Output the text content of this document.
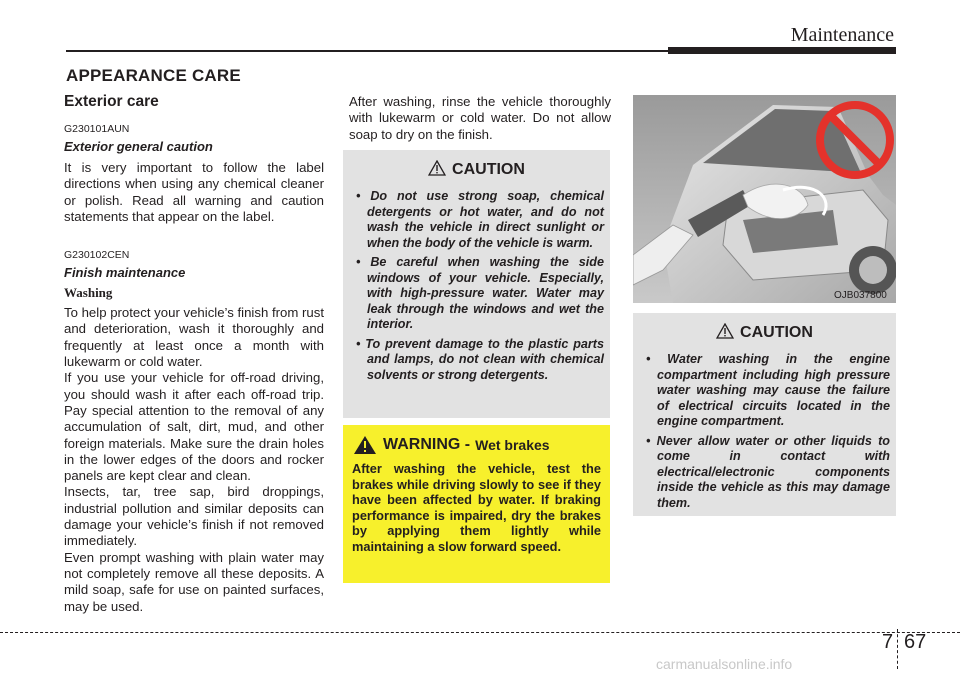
Maintenance
APPEARANCE CARE
Exterior care
G230101AUN
Exterior general caution

It is very important to follow the label directions when using any chemical cleaner or polish. Read all warning and caution statements that appear on the label.

G230102CEN
Finish maintenance
Washing

To help protect your vehicle’s finish from rust and deterioration, wash it thoroughly and frequently at least once a month with lukewarm or cold water.

If you use your vehicle for off-road driving, you should wash it after each off-road trip. Pay special attention to the removal of any accumulation of salt, dirt, mud, and other foreign materials. Make sure the drain holes in the lower edges of the doors and rocker panels are kept clear and clean.

Insects, tar, tree sap, bird droppings, industrial pollution and similar deposits can damage your vehicle’s finish if not removed immediately.

Even prompt washing with plain water may not completely remove all these deposits. A mild soap, safe for use on painted surfaces, may be used.

After washing, rinse the vehicle thoroughly with lukewarm or cold water. Do not allow soap to dry on the finish.
CAUTION
• Do not use strong soap, chemical detergents or hot water, and do not wash the vehicle in direct sunlight or when the body of the vehicle is warm.
• Be careful when washing the side windows of your vehicle. Especially, with high-pressure water. Water may leak through the windows and wet the interior.
• To prevent damage to the plastic parts and lamps, do not clean with chemical solvents or strong detergents.
WARNING - Wet brakes
After washing the vehicle, test the brakes while driving slowly to see if they have been affected by water. If braking performance is impaired, dry the brakes by applying them lightly while maintaining a slow forward speed.
OJB037800
CAUTION
• Water washing in the engine compartment including high pressure water washing may cause the failure of electrical circuits located in the engine compartment.
• Never allow water or other liquids to come in contact with electrical/electronic components inside the vehicle as this may damage them.
7 67
carmanualsonline.info
